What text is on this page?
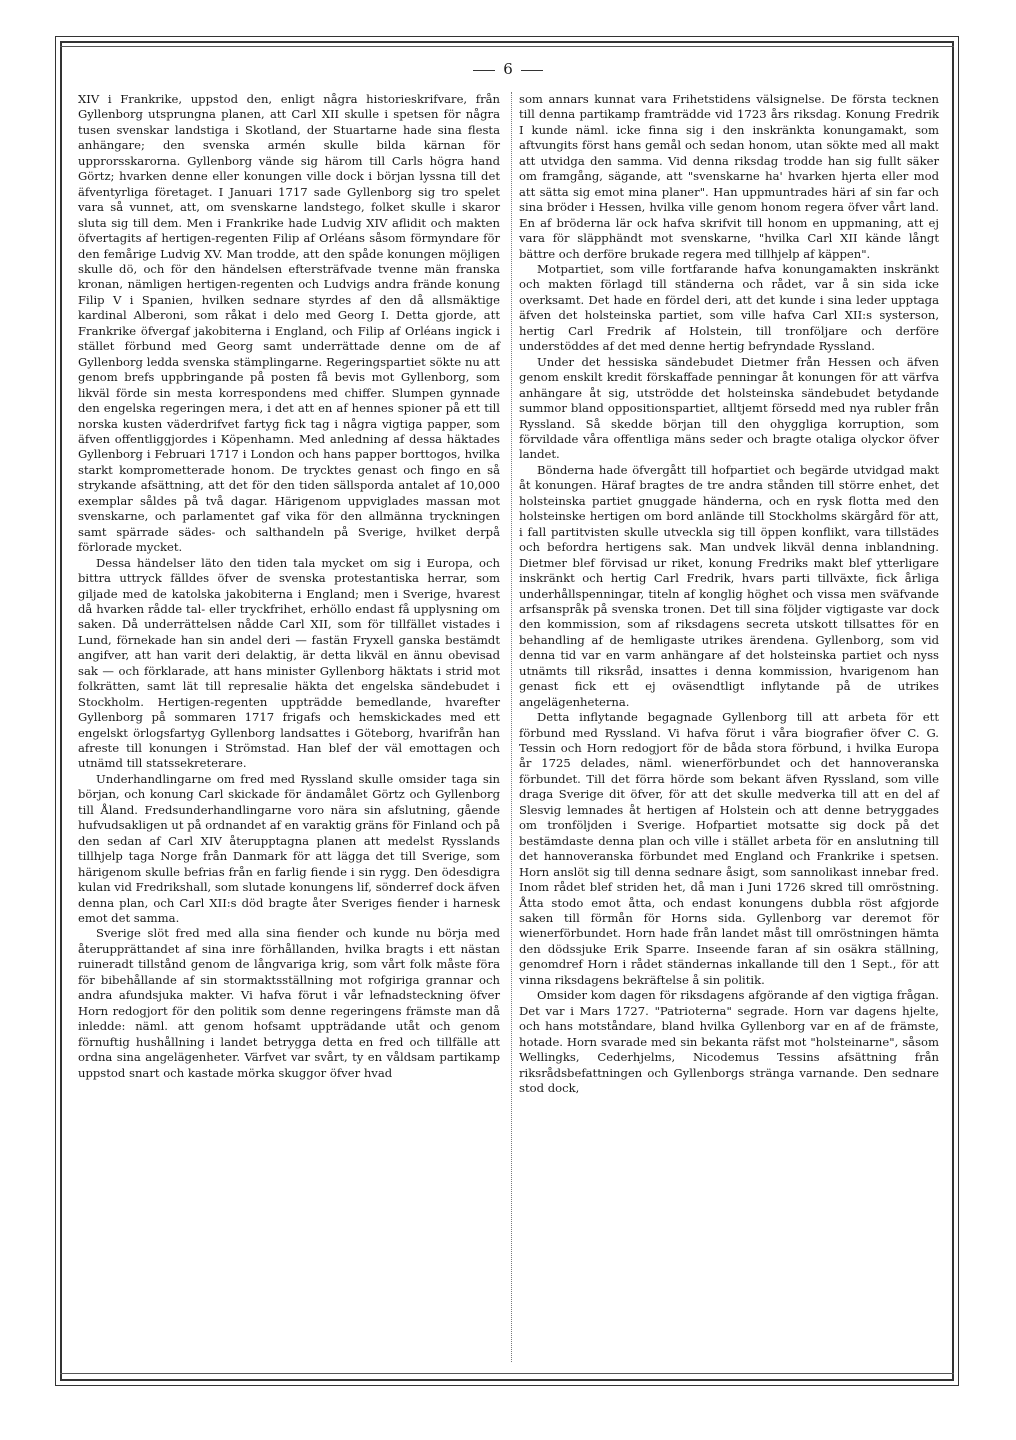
6

XIV i Frankrike, uppstod den, enligt några historieskrifvare, från Gyllenborg utsprungna planen, att Carl XII skulle i spetsen för några tusen svenskar landstiga i Skotland, der Stuartarne hade sina flesta anhängare; den svenska armén skulle bilda kärnan för upprorsskarorna. Gyllenborg vände sig härom till Carls högra hand Görtz; hvarken denne eller konungen ville dock i början lyssna till det äfventyrliga företaget. I Januari 1717 sade Gyllenborg sig tro spelet vara så vunnet, att, om svenskarne landstego, folket skulle i skaror sluta sig till dem. Men i Frankrike hade Ludvig XIV aflidit och makten öfvertagits af hertigen-regenten Filip af Orléans såsom förmyndare för den femårige Ludvig XV. Man trodde, att den spåde konungen möjligen skulle dö, och för den händelsen eftersträfvade tvenne män franska kronan, nämligen hertigen-regenten och Ludvigs andra frände konung Filip V i Spanien, hvilken sednare styrdes af den då allsmäktige kardinal Alberoni, som råkat i delo med Georg I. Detta gjorde, att Frankrike öfvergaf jakobiterna i England, och Filip af Orléans ingick i stället förbund med Georg samt underrättade denne om de af Gyllenborg ledda svenska stämplingarne. Regeringspartiet sökte nu att genom brefs uppbringande på posten få bevis mot Gyllenborg, som likväl förde sin mesta korrespondens med chiffer. Slumpen gynnade den engelska regeringen mera, i det att en af hennes spioner på ett till norska kusten väderdrifvet fartyg fick tag i några vigtiga papper, som äfven offentliggjordes i Köpenhamn. Med anledning af dessa häktades Gyllenborg i Februari 1717 i London och hans papper borttogos, hvilka starkt komprometterade honom. De trycktes genast och fingo en så strykande afsättning, att det för den tiden sällsporda antalet af 10,000 exemplar såldes på två dagar. Härigenom uppviglades massan mot svenskarne, och parlamentet gaf vika för den allmänna tryckningen samt spärrade sädes- och salthandeln på Sverige, hvilket derpå förlorade mycket.

Dessa händelser läto den tiden tala mycket om sig i Europa, och bittra uttryck fälldes öfver de svenska protestantiska herrar, som giljade med de katolska jakobiterna i England; men i Sverige, hvarest då hvarken rådde tal- eller tryckfrihet, erhöllo endast få upplysning om saken. Då underrättelsen nådde Carl XII, som för tillfället vistades i Lund, förnekade han sin andel deri — fastän Fryxell ganska bestämdt angifver, att han varit deri delaktig, är detta likväl en ännu obevisad sak — och förklarade, att hans minister Gyllenborg häktats i strid mot folkrätten, samt lät till represalie häkta det engelska sändebudet i Stockholm. Hertigen-regenten uppträdde bemedlande, hvarefter Gyllenborg på sommaren 1717 frigafs och hemskickades med ett engelskt örlogsfartyg Gyllenborg landsattes i Göteborg, hvarifrån han afreste till konungen i Strömstad. Han blef der väl emottagen och utnämd till statssekreterare.

Underhandlingarne om fred med Ryssland skulle omsider taga sin början, och konung Carl skickade för ändamålet Görtz och Gyllenborg till Åland. Fredsunderhandlingarne voro nära sin afslutning, gående hufvudsakligen ut på ordnandet af en varaktig gräns för Finland och på den sedan af Carl XIV återupptagna planen att medelst Rysslands tillhjelp taga Norge från Danmark för att lägga det till Sverige, som härigenom skulle befrias från en farlig fiende i sin rygg. Den ödesdigra kulan vid Fredrikshall, som slutade konungens lif, sönderref dock äfven denna plan, och Carl XII:s död bragte åter Sveriges fiender i harnesk emot det samma.

Sverige slöt fred med alla sina fiender och kunde nu börja med återupprättandet af sina inre förhållanden, hvilka bragts i ett nästan ruineradt tillstånd genom de långvariga krig, som vårt folk måste föra för bibehållande af sin stormaktsställning mot rofgiriga grannar och andra afundsjuka makter. Vi hafva förut i vår lefnadsteckning öfver Horn redogjort för den politik som denne regeringens främste man då inledde: näml. att genom hofsamt uppträdande utåt och genom förnuftig hushållning i landet betrygga detta en fred och tillfälle att ordna sina angelägenheter. Värfvet var svårt, ty en våldsam partikamp uppstod snart och kastade mörka skuggor öfver hvad

som annars kunnat vara Frihetstidens välsignelse. De första tecknen till denna partikamp framträdde vid 1723 års riksdag. Konung Fredrik I kunde näml. icke finna sig i den inskränkta konungamakt, som aftvungits först hans gemål och sedan honom, utan sökte med all makt att utvidga den samma. Vid denna riksdag trodde han sig fullt säker om framgång, sägande, att "svenskarne ha' hvarken hjerta eller mod att sätta sig emot mina planer". Han uppmuntrades häri af sin far och sina bröder i Hessen, hvilka ville genom honom regera öfver vårt land. En af bröderna lär ock hafva skrifvit till honom en uppmaning, att ej vara för släpphändt mot svenskarne, "hvilka Carl XII kände långt bättre och derföre brukade regera med tillhjelp af käppen".

Motpartiet, som ville fortfarande hafva konungamakten inskränkt och makten förlagd till ständerna och rådet, var å sin sida icke overksamt. Det hade en fördel deri, att det kunde i sina leder upptaga äfven det holsteinska partiet, som ville hafva Carl XII:s systerson, hertig Carl Fredrik af Holstein, till tronföljare och derföre understöddes af det med denne hertig befryndade Ryssland.

Under det hessiska sändebudet Dietmer från Hessen och äfven genom enskilt kredit förskaffade penningar åt konungen för att värfva anhängare åt sig, utströdde det holsteinska sändebudet betydande summor bland oppositionspartiet, alltjemt försedd med nya rubler från Ryssland. Så skedde början till den ohyggliga korruption, som förvildade våra offentliga mäns seder och bragte otaliga olyckor öfver landet.

Bönderna hade öfvergått till hofpartiet och begärde utvidgad makt åt konungen. Häraf bragtes de tre andra stånden till större enhet, det holsteinska partiet gnuggade händerna, och en rysk flotta med den holsteinske hertigen om bord anlände till Stockholms skärgård för att, i fall partitvisten skulle utveckla sig till öppen konflikt, vara tillstädes och befordra hertigens sak. Man undvek likväl denna inblandning. Dietmer blef förvisad ur riket, konung Fredriks makt blef ytterligare inskränkt och hertig Carl Fredrik, hvars parti tillväxte, fick årliga underhållspenningar, titeln af konglig höghet och vissa men sväfvande arfsanspråk på svenska tronen. Det till sina följder vigtigaste var dock den kommission, som af riksdagens secreta utskott tillsattes för en behandling af de hemligaste utrikes ärendena. Gyllenborg, som vid denna tid var en varm anhängare af det holsteinska partiet och nyss utnämts till riksråd, insattes i denna kommission, hvarigenom han genast fick ett ej oväsendtligt inflytande på de utrikes angelägenheterna.

Detta inflytande begagnade Gyllenborg till att arbeta för ett förbund med Ryssland. Vi hafva förut i våra biografier öfver C. G. Tessin och Horn redogjort för de båda stora förbund, i hvilka Europa år 1725 delades, näml. wienerförbundet och det hannoveranska förbundet. Till det förra hörde som bekant äfven Ryssland, som ville draga Sverige dit öfver, för att det skulle medverka till att en del af Slesvig lemnades åt hertigen af Holstein och att denne betryggades om tronföljden i Sverige. Hofpartiet motsatte sig dock på det bestämdaste denna plan och ville i stället arbeta för en anslutning till det hannoveranska förbundet med England och Frankrike i spetsen. Horn anslöt sig till denna sednare åsigt, som sannolikast innebar fred. Inom rådet blef striden het, då man i Juni 1726 skred till omröstning. Åtta stodo emot åtta, och endast konungens dubbla röst afgjorde saken till förmån för Horns sida. Gyllenborg var deremot för wienerförbundet. Horn hade från landet måst till omröstningen hämta den dödssjuke Erik Sparre. Inseende faran af sin osäkra ställning, genomdref Horn i rådet ständernas inkallande till den 1 Sept., för att vinna riksdagens bekräftelse å sin politik.

Omsider kom dagen för riksdagens afgörande af den vigtiga frågan. Det var i Mars 1727. "Patrioterna" segrade. Horn var dagens hjelte, och hans motståndare, bland hvilka Gyllenborg var en af de främste, hotade. Horn svarade med sin bekanta räfst mot "holsteinarne", såsom Wellingks, Cederhjelms, Nicodemus Tessins afsättning från riksrådsbefattningen och Gyllenborgs stränga varnande. Den sednare stod dock,
